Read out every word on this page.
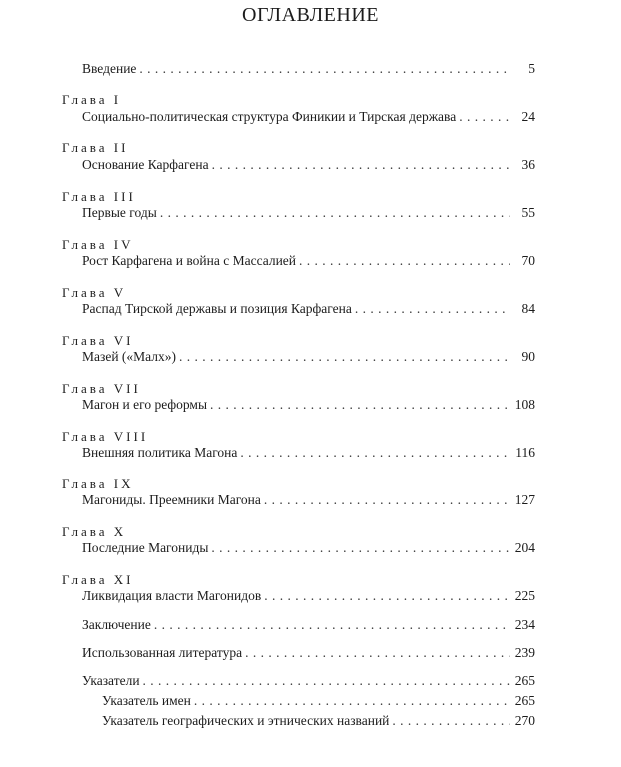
ОГЛАВЛЕНИЕ
Введение . . .	5
Глава I
Социально-политическая структура Финикии и Тирская держава . . .	24
Глава II
Основание Карфагена . . .	36
Глава III
Первые годы . . .	55
Глава IV
Рост Карфагена и война с Массалией . . .	70
Глава V
Распад Тирской державы и позиция Карфагена . . .	84
Глава VI
Мазей («Малх») . . .	90
Глава VII
Магон и его реформы . . .	108
Глава VIII
Внешняя политика Магона . . .	116
Глава IX
Магониды. Преемники Магона . . .	127
Глава X
Последние Магониды . . .	204
Глава XI
Ликвидация власти Магонидов . . .	225
Заключение . . .	234
Использованная литература . . .	239
Указатели . . .	265
Указатель имен . . .	265
Указатель географических и этнических названий . . .	270
